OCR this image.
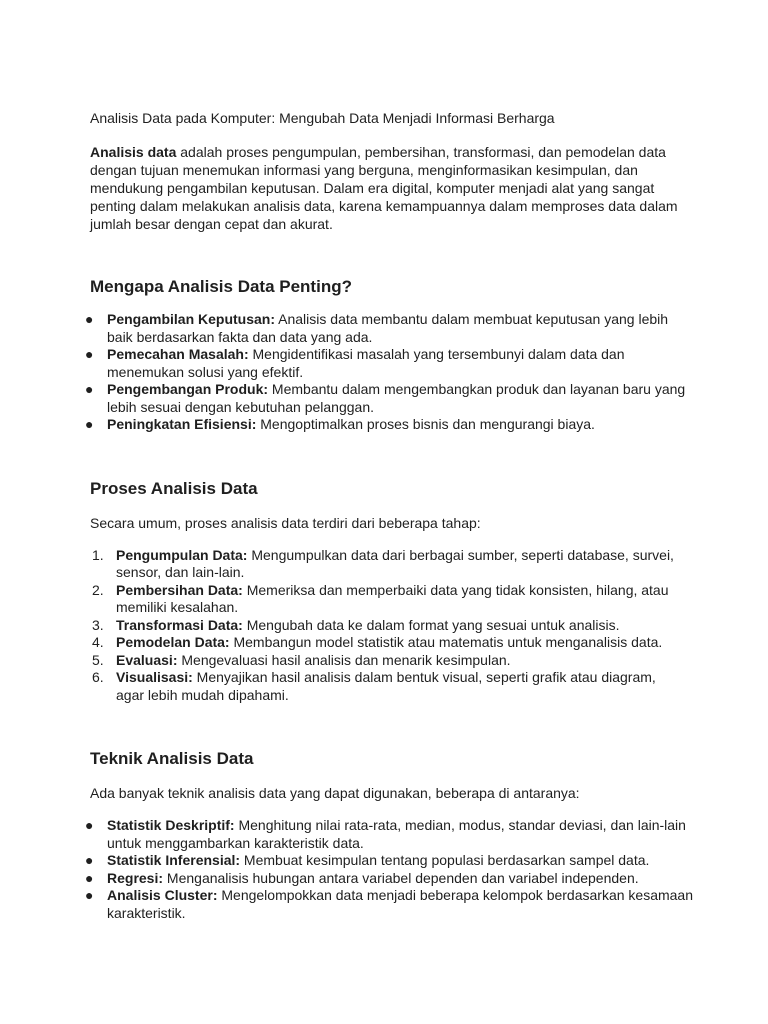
Analisis Data pada Komputer: Mengubah Data Menjadi Informasi Berharga

Analisis data adalah proses pengumpulan, pembersihan, transformasi, dan pemodelan data dengan tujuan menemukan informasi yang berguna, menginformasikan kesimpulan, dan mendukung pengambilan keputusan. Dalam era digital, komputer menjadi alat yang sangat penting dalam melakukan analisis data, karena kemampuannya dalam memproses data dalam jumlah besar dengan cepat dan akurat.

Mengapa Analisis Data Penting?
● Pengambilan Keputusan: Analisis data membantu dalam membuat keputusan yang lebih baik berdasarkan fakta dan data yang ada.
● Pemecahan Masalah: Mengidentifikasi masalah yang tersembunyi dalam data dan menemukan solusi yang efektif.
● Pengembangan Produk: Membantu dalam mengembangkan produk dan layanan baru yang lebih sesuai dengan kebutuhan pelanggan.
● Peningkatan Efisiensi: Mengoptimalkan proses bisnis dan mengurangi biaya.
Proses Analisis Data

Secara umum, proses analisis data terdiri dari beberapa tahap:

1. Pengumpulan Data: Mengumpulkan data dari berbagai sumber, seperti database, survei, sensor, dan lain-lain.
2. Pembersihan Data: Memeriksa dan memperbaiki data yang tidak konsisten, hilang, atau memiliki kesalahan.
3. Transformasi Data: Mengubah data ke dalam format yang sesuai untuk analisis.
4. Pemodelan Data: Membangun model statistik atau matematis untuk menganalisis data.
5. Evaluasi: Mengevaluasi hasil analisis dan menarik kesimpulan.
6. Visualisasi: Menyajikan hasil analisis dalam bentuk visual, seperti grafik atau diagram, agar lebih mudah dipahami.
Teknik Analisis Data

Ada banyak teknik analisis data yang dapat digunakan, beberapa di antaranya:

● Statistik Deskriptif: Menghitung nilai rata-rata, median, modus, standar deviasi, dan lain-lain untuk menggambarkan karakteristik data.
● Statistik Inferensial: Membuat kesimpulan tentang populasi berdasarkan sampel data.
● Regresi: Menganalisis hubungan antara variabel dependen dan variabel independen.
● Analisis Cluster: Mengelompokkan data menjadi beberapa kelompok berdasarkan kesamaan karakteristik.
